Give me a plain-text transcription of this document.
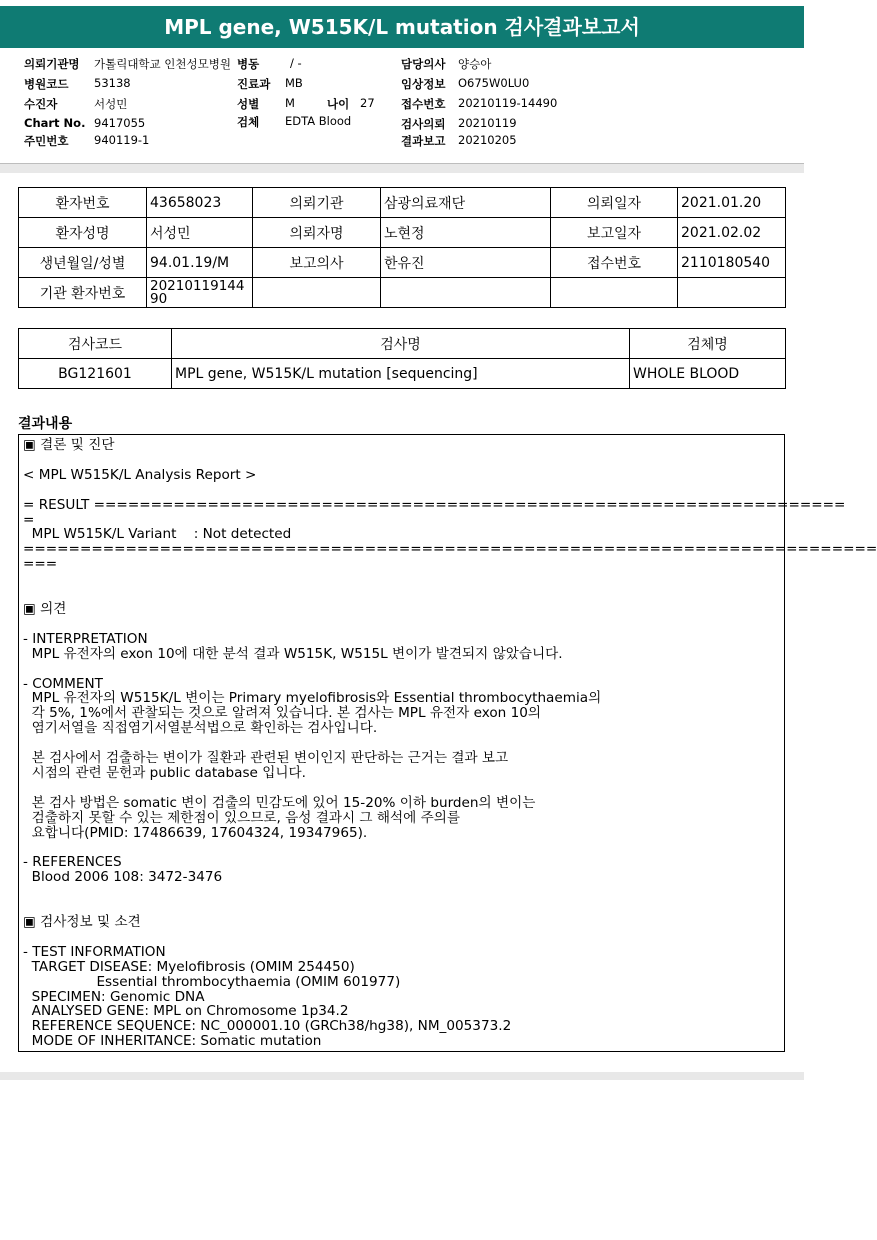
MPL gene, W515K/L mutation 검사결과보고서
의뢰기관명 가톨릭대학교 인천성모병원 병동	/ -	담당의사 양승아
병원코드 53138	진료과 MB	임상정보 O675W0LU0
수진자	서성민	성별 M	나이 27 접수번호 20210119-14490
Chart No. 9417055	검체 EDTA Blood	검사의뢰 20210119
주민번호 940119-1	결과보고 20210205
환자번호	43658023	의뢰기관	삼광의료재단	의뢰일자	2021.01.20
환자성명	서성민	의뢰자명	노현정	보고일자	2021.02.02
생년월일/성별	94.01.19/M	보고의사	한유진	접수번호	2110180540
기관 환자번호	2021011914490				
검사코드	검사명	검체명
BG121601	MPL gene, W515K/L mutation [sequencing]	WHOLE BLOOD
결과내용
▣ 결론 및 진단

< MPL W515K/L Analysis Report >

= RESULT ==================================================================
=
MPL W515K/L Variant    : Not detected
===========================================================================
===

▣ 의견

- INTERPRETATION
MPL 유전자의 exon 10에 대한 분석 결과 W515K, W515L 변이가 발견되지 않았습니다.

- COMMENT
MPL 유전자의 W515K/L 변이는 Primary myelofibrosis와 Essential thrombocythaemia의
각 5%, 1%에서 관찰되는 것으로 알려져 있습니다. 본 검사는 MPL 유전자 exon 10의
염기서열을 직접염기서열분석법으로 확인하는 검사입니다.

본 검사에서 검출하는 변이가 질환과 관련된 변이인지 판단하는 근거는 결과 보고
시점의 관련 문헌과 public database 입니다.

본 검사 방법은 somatic 변이 검출의 민감도에 있어 15-20% 이하 burden의 변이는
검출하지 못할 수 있는 제한점이 있으므로, 음성 결과시 그 해석에 주의를
요합니다(PMID: 17486639, 17604324, 19347965).

- REFERENCES
Blood 2006 108: 3472-3476

▣ 검사정보 및 소견

- TEST INFORMATION
TARGET DISEASE: Myelofibrosis (OMIM 254450)
Essential thrombocythaemia (OMIM 601977)
SPECIMEN: Genomic DNA
ANALYSED GENE: MPL on Chromosome 1p34.2
REFERENCE SEQUENCE: NC_000001.10 (GRCh38/hg38), NM_005373.2
MODE OF INHERITANCE: Somatic mutation
